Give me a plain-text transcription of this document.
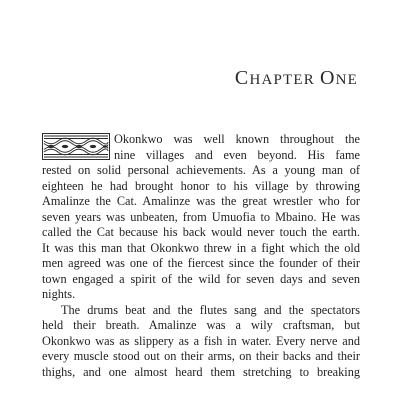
CHAPTER ONE
Okonkwo was well known throughout the
nine villages and even beyond. His fame
rested on solid personal achievements. As a young man of
eighteen he had brought honor to his village by throwing
Amalinze the Cat. Amalinze was the great wrestler who for
seven years was unbeaten, from Umuofia to Mbaino. He was
called the Cat because his back would never touch the earth.
It was this man that Okonkwo threw in a fight which the old
men agreed was one of the fiercest since the founder of their
town engaged a spirit of the wild for seven days and seven
nights.
The drums beat and the flutes sang and the spectators
held their breath. Amalinze was a wily craftsman, but
Okonkwo was as slippery as a fish in water. Every nerve and
every muscle stood out on their arms, on their backs and their
thighs, and one almost heard them stretching to breaking
